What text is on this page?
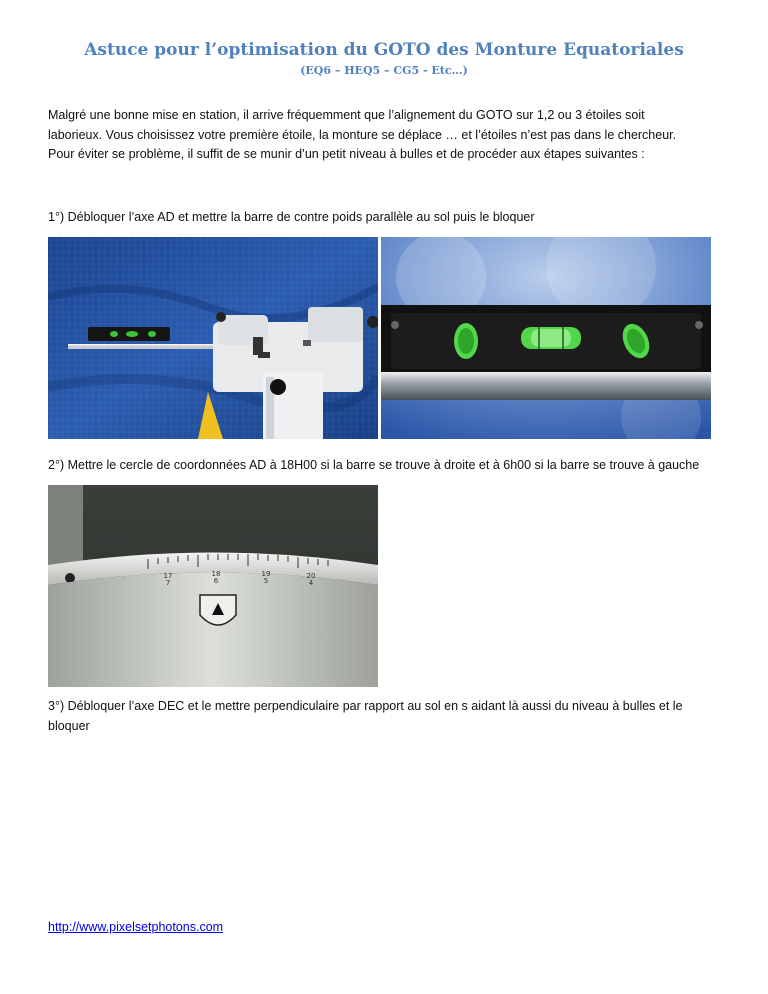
Astuce pour l’optimisation du GOTO des Monture Equatoriales
(EQ6 – HEQ5 – CG5 - Etc…)

Malgré une bonne mise en station, il arrive fréquemment que l’alignement du GOTO sur 1,2 ou 3 étoiles soit

laborieux. Vous choisissez votre première étoile, la monture se déplace … et l’étoiles n’est pas dans le chercheur.

Pour éviter se problème, il suffit de se munir d’un petit niveau à bulles et de procéder aux étapes suivantes :

1°) Débloquer l’axe AD et mettre la barre de contre poids parallèle au sol puis le bloquer

2°) Mettre le cercle de coordonnées AD à 18H00 si la barre se trouve à droite et à 6h00 si la barre se trouve à gauche

17	18	19	20
7	6	5	4

3°) Débloquer l’axe DEC et le mettre perpendiculaire par rapport au sol en s aidant là aussi du niveau à bulles et le

bloquer

http://www.pixelsetphotons.com
